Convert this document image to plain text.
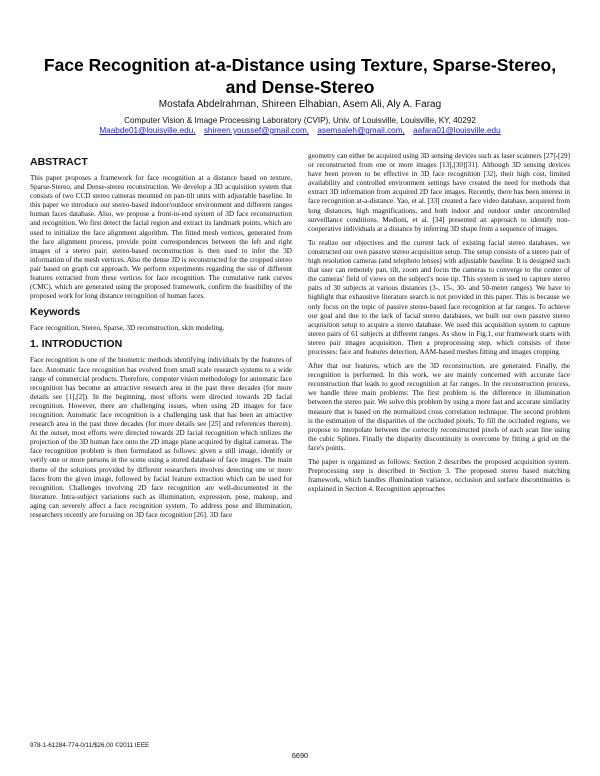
Face Recognition at-a-Distance using Texture, Sparse-Stereo, and Dense-Stereo
Mostafa Abdelrahman, Shireen Elhabian, Asem Ali, Aly A. Farag
Computer Vision & Image Processing Laboratory (CVIP), Univ. of Louisville, Louisville, KY, 40292
Maabde01@louisville.edu, shireen.youssef@gmail.com, asemsaleh@gmail.com, aafara01@louisville.edu
ABSTRACT

This paper proposes a framework for face recognition at a distance based on texture, Sparse-Stereo, and Dense-stereo reconstruction. We develop a 3D acquisition system that consists of two CCD stereo cameras mounted on pan-tilt units with adjustable baseline. In this paper we introduce our stereo-based indoor/outdoor environment and different ranges human faces database. Also, we propose a front-to-end system of 3D face reconstruction and recognition. We first detect the facial region and extract its landmark points, which are used to initialize the face alignment algorithm. The fitted mesh vertices, generated from the face alignment process, provide point correspondences between the left and right images of a stereo pair; stereo-based reconstruction is then used to infer the 3D information of the mesh vertices. Also the dense 3D is reconstructed for the cropped stereo pair based on graph cut approach. We perform experiments regarding the use of different features extracted from these vertices for face recognition. The cumulative rank curves (CMC), which are generated using the proposed framework, confirm the feasibility of the proposed work for long distance recognition of human faces.

Keywords

Face recognition, Stereo, Sparse, 3D reconstruction, skin modeling.

1. INTRODUCTION

Face recognition is one of the biometric methods identifying individuals by the features of face. Automatic face recognition has evolved from small scale research systems to a wide range of commercial products. Therefore, computer vision methodology for automatic face recognition has become an attractive research area in the past three decades (for more details see [1],[2]). In the beginning, most efforts were directed towards 2D facial recognition. However, there are challenging issues, when using 2D images for face recognition. Automatic face recognition is a challenging task that has been an attractive research area in the past three decades (for more details see [25] and references therein). At the outset, most efforts were directed towards 2D facial recognition which utilizes the projection of the 3D human face onto the 2D image plane acquired by digital cameras. The face recognition problem is then formulated as follows: given a still image, identify or verify one or more persons in the scene using a stored database of face images. The main theme of the solutions provided by different researchers involves detecting one or more faces from the given image, followed by facial feature extraction which can be used for recognition. Challenges involving 2D face recognition are well-documented in the literature. Intra-subject variations such as illumination, expression, pose, makeup, and aging can severely affect a face recognition system. To address pose and illumination, researchers recently are focusing on 3D face recognition [26]. 3D face

geometry can either be acquired using 3D sensing devices such as laser scanners [27]-[29] or reconstructed from one or more images [13],[30][31]. Although 3D sensing devices have been proven to be effective in 3D face recognition [32], their high cost, limited availability and controlled environment settings have created the need for methods that extract 3D information from acquired 2D face images. Recently, there has been interest in face recognition at-a-distance. Yao, et al. [33] created a face video database, acquired from long distances, high magnifications, and both indoor and outdoor under uncontrolled surveillance conditions. Medioni, et al. [34] presented an approach to identify non-cooperative individuals at a distance by inferring 3D shape from a sequence of images.

To realize our objectives and the current lack of existing facial stereo databases, we constructed our own passive stereo acquisition setup. The setup consists of a stereo pair of high resolution cameras (and telephoto lenses) with adjustable baseline. It is designed such that user can remotely pan, tilt, zoom and focus the cameras to converge to the center of the cameras' field of views on the subject's nose tip. This system is used to capture stereo pairs of 30 subjects at various distances (3-, 15-, 30- and 50-meter ranges). We have to highlight that exhaustive literature search is not provided in this paper. This is because we only focus on the topic of passive stereo-based face recognition at far ranges. To achieve our goal and due to the lack of facial stereo databases, we built our own passive stereo acquisition setup to acquire a stereo database. We used this acquisition system to capture stereo pairs of 61 subjects at different ranges. As show in Fig.1, our framework starts with stereo pair images acquisition. Then a preprocessing step, which consists of three processes: face and features detection, AAM-based meshes fitting and images cropping.

After that our features, which are the 3D reconstruction, are generated. Finally, the recognition is performed. In this work, we are mainly concerned with accurate face reconstruction that leads to good recognition at far ranges. In the reconstruction process, we handle three main problems: The first problem is the difference in illumination between the stereo pair. We solve this problem by using a more fast and accurate similarity measure that is based on the normalized cross correlation technique. The second problem is the estimation of the disparities of the occluded pixels. To fill the occluded regions, we propose to interpolate between the correctly reconstructed pixels of each scan line using the cubic Splines. Finally the disparity discontinuity is overcome by fitting a grid on the face's points.

The paper is organized as follows: Section 2 describes the proposed acquisition system. Preprocessing step is described in Section 3. The proposed stereo based matching framework, which handles illumination variance, occlusion and surface discontinuities is explained in Section 4. Recognition approaches

978-1-61284-774-0/11/$26.00 ©2011 IEEE
6690
